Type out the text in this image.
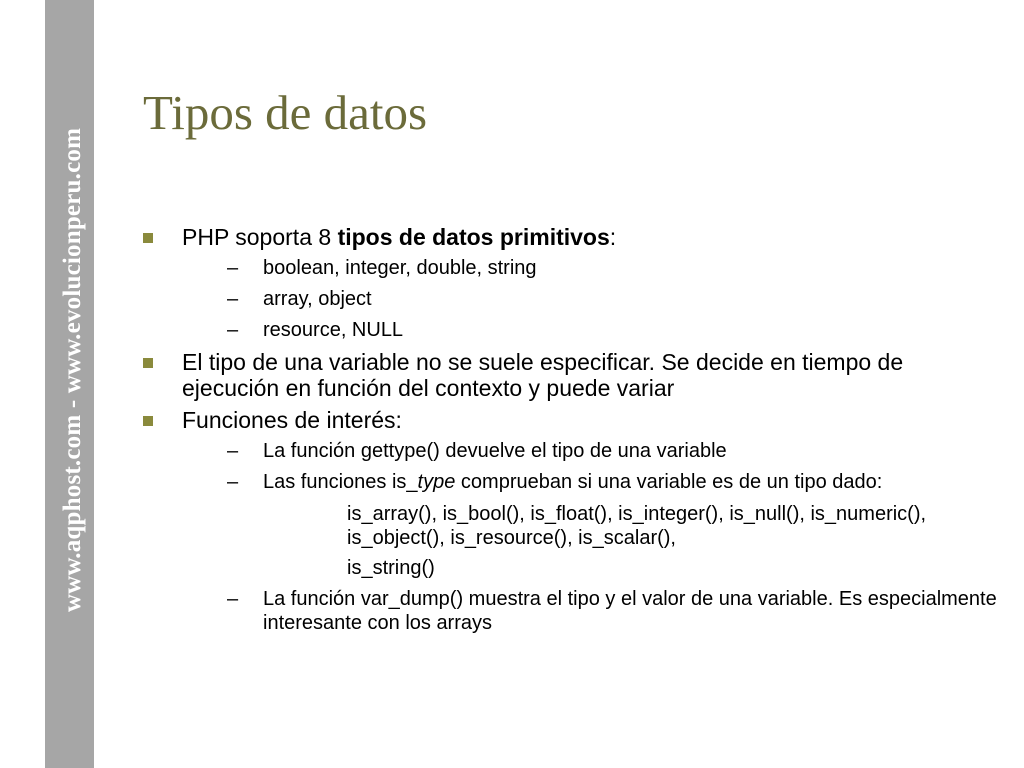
www.aqphost.com - www.evolucionperu.com
Tipos de datos
PHP soporta 8 tipos de datos primitivos:
– boolean, integer, double, string
– array, object
– resource, NULL
El tipo de una variable no se suele especificar. Se decide en tiempo de ejecución en función del contexto y puede variar
Funciones de interés:
– La función gettype() devuelve el tipo de una variable
– Las funciones is_type comprueban si una variable es de un tipo dado:
is_array(), is_bool(), is_float(), is_integer(), is_null(), is_numeric(), is_object(), is_resource(), is_scalar(),
is_string()
– La función var_dump() muestra el tipo y el valor de una variable. Es especialmente interesante con los arrays
